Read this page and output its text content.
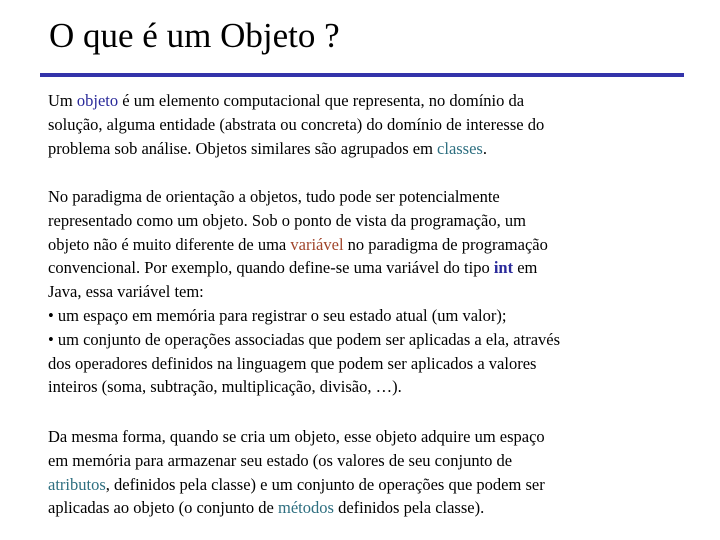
O que é um Objeto ?

Um objeto é um elemento computacional que representa, no domínio da
solução, alguma entidade (abstrata ou concreta) do domínio de interesse do
problema sob análise. Objetos similares são agrupados em classes.

No paradigma de orientação a objetos, tudo pode ser potencialmente
representado como um objeto. Sob o ponto de vista da programação, um
objeto não é muito diferente de uma variável no paradigma de programação
convencional. Por exemplo, quando define-se uma variável do tipo int em
Java, essa variável tem:
• um espaço em memória para registrar o seu estado atual (um valor);
• um conjunto de operações associadas que podem ser aplicadas a ela, através
dos operadores definidos na linguagem que podem ser aplicados a valores
inteiros (soma, subtração, multiplicação, divisão, …).

Da mesma forma, quando se cria um objeto, esse objeto adquire um espaço
em memória para armazenar seu estado (os valores de seu conjunto de
atributos, definidos pela classe) e um conjunto de operações que podem ser
aplicadas ao objeto (o conjunto de métodos definidos pela classe).
